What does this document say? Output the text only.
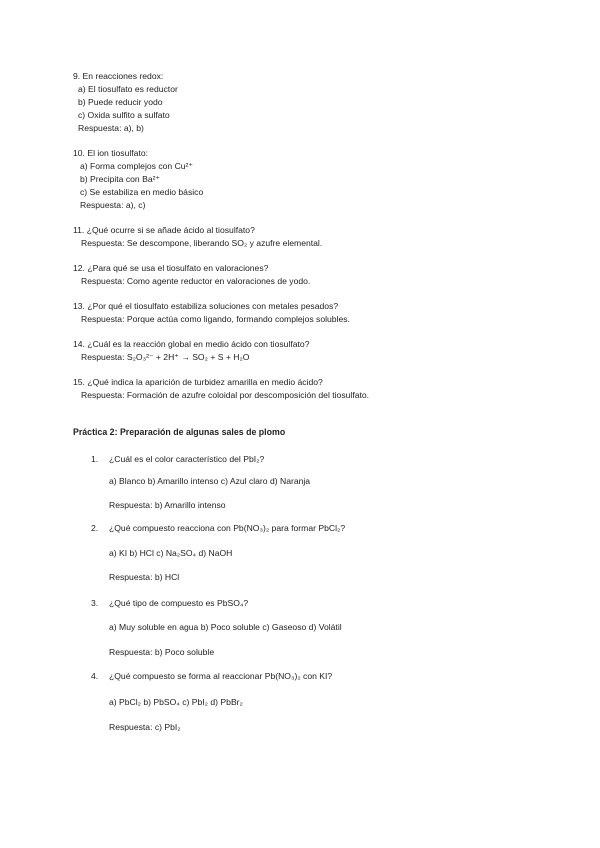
9. En reacciones redox:
a) El tiosulfato es reductor
b) Puede reducir yodo
c) Oxida sulfito a sulfato
Respuesta: a), b)
10. El ion tiosulfato:
a) Forma complejos con Cu²⁺
b) Precipita con Ba²⁺
c) Se estabiliza en medio básico
Respuesta: a), c)
11. ¿Qué ocurre si se añade ácido al tiosulfato?
Respuesta: Se descompone, liberando SO₂ y azufre elemental.
12. ¿Para qué se usa el tiosulfato en valoraciones?
Respuesta: Como agente reductor en valoraciones de yodo.
13. ¿Por qué el tiosulfato estabiliza soluciones con metales pesados?
Respuesta: Porque actúa como ligando, formando complejos solubles.
14. ¿Cuál es la reacción global en medio ácido con tiosulfato?
Respuesta: S₂O₃²⁻ + 2H⁺ → SO₂ + S + H₂O
15. ¿Qué indica la aparición de turbidez amarilla en medio ácido?
Respuesta: Formación de azufre coloidal por descomposición del tiosulfato.
Práctica 2: Preparación de algunas sales de plomo
1. ¿Cuál es el color característico del PbI₂?
a) Blanco b) Amarillo intenso c) Azul claro d) Naranja
Respuesta: b) Amarillo intenso
2. ¿Qué compuesto reacciona con Pb(NO₃)₂ para formar PbCl₂?
a) KI b) HCl c) Na₂SO₄ d) NaOH
Respuesta: b) HCl
3. ¿Qué tipo de compuesto es PbSO₄?
a) Muy soluble en agua b) Poco soluble c) Gaseoso d) Volátil
Respuesta: b) Poco soluble
4. ¿Qué compuesto se forma al reaccionar Pb(NO₃)₂ con KI?
a) PbCl₂ b) PbSO₄ c) PbI₂ d) PbBr₂
Respuesta: c) PbI₂
